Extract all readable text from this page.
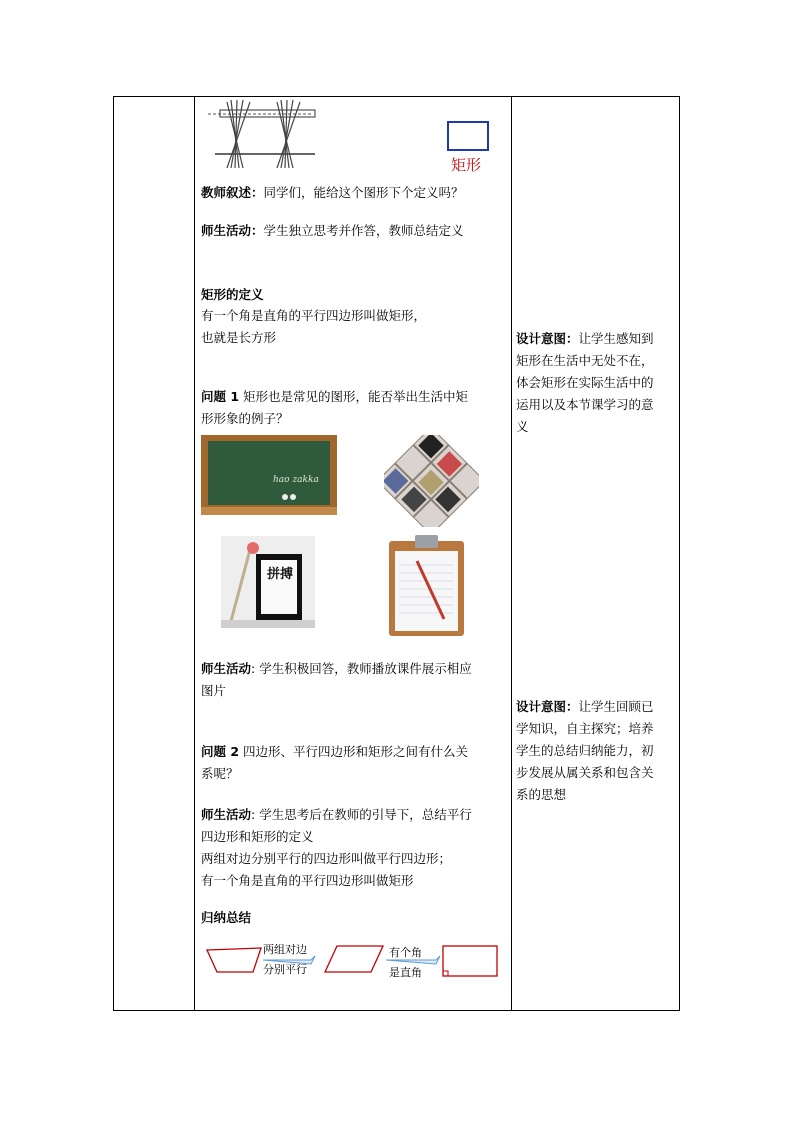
矩形
教师叙述：同学们，能给这个图形下个定义吗？
师生活动：学生独立思考并作答，教师总结定义
矩形的定义
有一个角是直角的平行四边形叫做矩形，
也就是长方形
问题 1 矩形也是常见的图形，能否举出生活中矩
形形象的例子？
hao zakka
拼搏
师生活动: 学生积极回答，教师播放课件展示相应
图片
问题 2 四边形、平行四边形和矩形之间有什么关
系呢？
师生活动: 学生思考后在教师的引导下，总结平行
四边形和矩形的定义
两组对边分别平行的四边形叫做平行四边形；
有一个角是直角的平行四边形叫做矩形
归纳总结
两组对边
分别平行
有个角
是直角
设计意图：让学生感知到
矩形在生活中无处不在，
体会矩形在实际生活中的
运用以及本节课学习的意
义
设计意图：让学生回顾已
学知识，自主探究；培养
学生的总结归纳能力，初
步发展从属关系和包含关
系的思想
